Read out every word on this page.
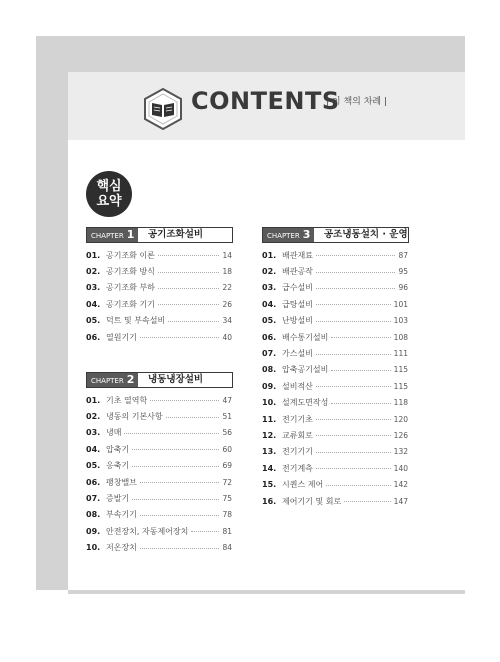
CONTENTS
| 이 책의 차례 |
핵심
요약
CHAPTER 1	공기조화설비
01. 공기조화 이론	14
02. 공기조화 방식	18
03. 공기조화 부하	22
04. 공기조화 기기	26
05. 덕트 및 부속설비	34
06. 열원기기	40
CHAPTER 2	냉동냉장설비
01. 기초 열역학	47
02. 냉동의 기본사항	51
03. 냉매	56
04. 압축기	60
05. 응축기	69
06. 팽창밸브	72
07. 증발기	75
08. 부속기기	78
09. 안전장치, 자동제어장치	81
10. 저온장치	84
CHAPTER 3	공조냉동설치 · 운영
01. 배관재료	87
02. 배관공작	95
03. 급수설비	96
04. 급탕설비	101
05. 난방설비	103
06. 배수통기설비	108
07. 가스설비	111
08. 압축공기설비	115
09. 설비적산	115
10. 설계도면작성	118
11. 전기기초	120
12. 교류회로	126
13. 전기기기	132
14. 전기계측	140
15. 시퀀스 제어	142
16. 제어기기 및 회로	147
